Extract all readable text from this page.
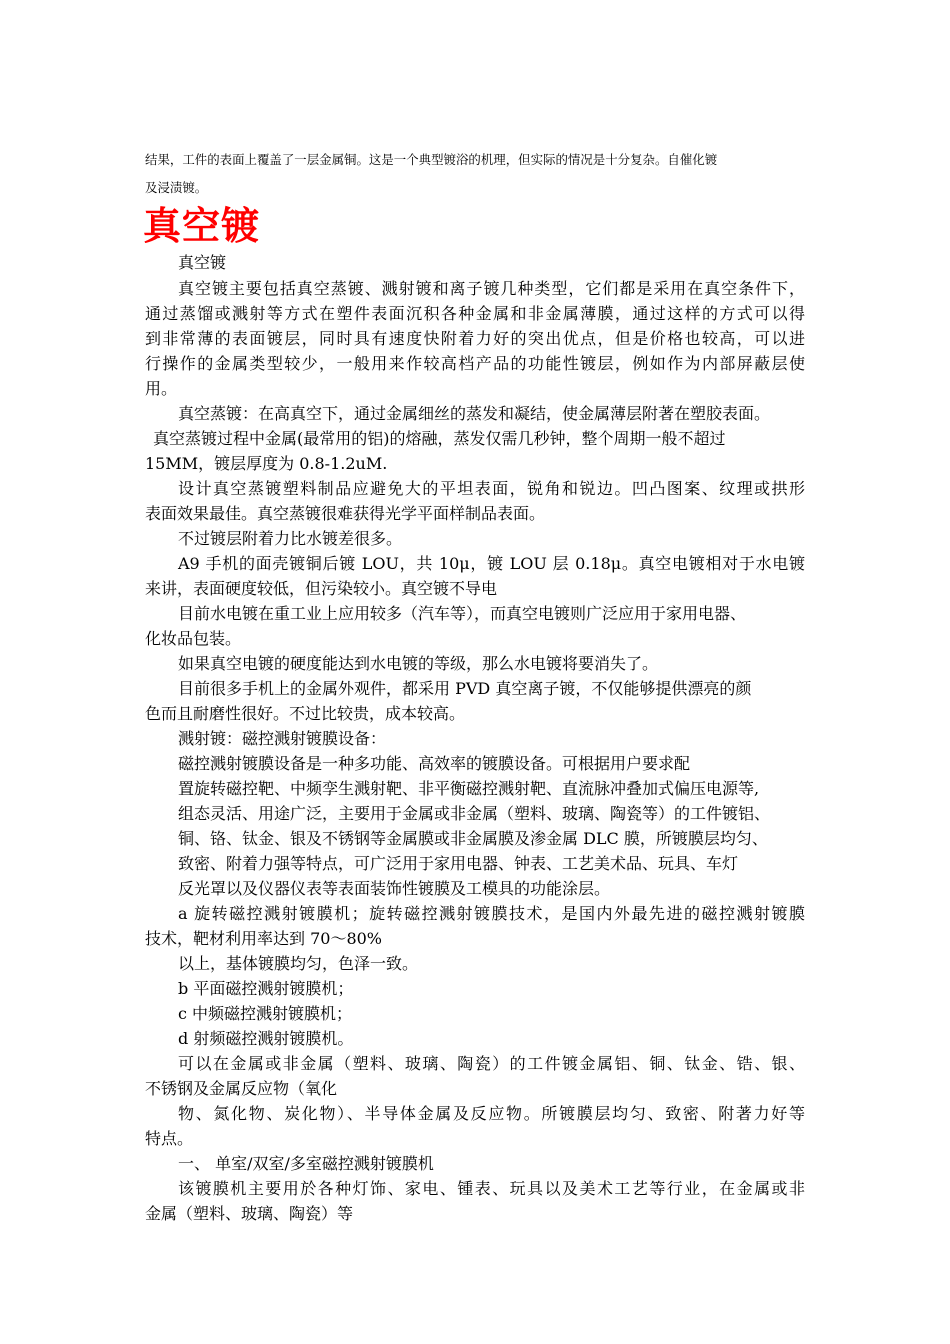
结果，工件的表面上覆盖了一层金属铜。这是一个典型镀浴的机理，但实际的情况是十分复杂。自催化镀
及浸渍镀。
真空镀
真空镀
真空镀主要包括真空蒸镀、溅射镀和离子镀几种类型，它们都是采用在真空条件下，
通过蒸馏或溅射等方式在塑件表面沉积各种金属和非金属薄膜，通过这样的方式可以得
到非常薄的表面镀层，同时具有速度快附着力好的突出优点，但是价格也较高，可以进
行操作的金属类型较少，一般用来作较高档产品的功能性镀层，例如作为内部屏蔽层使
用。
真空蒸镀：在高真空下，通过金属细丝的蒸发和凝结，使金属薄层附著在塑胶表面。
真空蒸镀过程中金属(最常用的铝)的熔融，蒸发仅需几秒钟，整个周期一般不超过
15MM，镀层厚度为 0.8-1.2uM.
设计真空蒸镀塑料制品应避免大的平坦表面，锐角和锐边。凹凸图案、纹理或拱形
表面效果最佳。真空蒸镀很难获得光学平面样制品表面。
不过镀层附着力比水镀差很多。
A9 手机的面壳镀铜后镀 LOU，共 10μ，镀 LOU 层 0.18μ。真空电镀相对于水电镀
来讲，表面硬度较低，但污染较小。真空镀不导电
目前水电镀在重工业上应用较多（汽车等），而真空电镀则广泛应用于家用电器、
化妆品包装。
如果真空电镀的硬度能达到水电镀的等级，那么水电镀将要消失了。
目前很多手机上的金属外观件，都采用 PVD 真空离子镀，不仅能够提供漂亮的颜
色而且耐磨性很好。不过比较贵，成本较高。
溅射镀：磁控溅射镀膜设备：
磁控溅射镀膜设备是一种多功能、高效率的镀膜设备。可根据用户要求配
置旋转磁控靶、中频孪生溅射靶、非平衡磁控溅射靶、直流脉冲叠加式偏压电源等,
组态灵活、用途广泛，主要用于金属或非金属（塑料、玻璃、陶瓷等）的工件镀铝、
铜、铬、钛金、银及不锈钢等金属膜或非金属膜及渗金属 DLC 膜，所镀膜层均匀、
致密、附着力强等特点，可广泛用于家用电器、钟表、工艺美术品、玩具、车灯
反光罩以及仪器仪表等表面装饰性镀膜及工模具的功能涂层。
a 旋转磁控溅射镀膜机；旋转磁控溅射镀膜技术，是国内外最先进的磁控溅射镀膜
技术，靶材利用率达到 70～80%
以上，基体镀膜均匀，色泽一致。
b 平面磁控溅射镀膜机；
c 中频磁控溅射镀膜机；
d 射频磁控溅射镀膜机。
可以在金属或非金属（塑料、玻璃、陶瓷）的工件镀金属铝、铜、钛金、锆、银、
不锈钢及金属反应物（氧化
物、氮化物、炭化物）、半导体金属及反应物。所镀膜层均匀、致密、附著力好等
特点。
一、 单室/双室/多室磁控溅射镀膜机
该镀膜机主要用於各种灯饰、家电、锺表、玩具以及美术工艺等行业，在金属或非
金属（塑料、玻璃、陶瓷）等
